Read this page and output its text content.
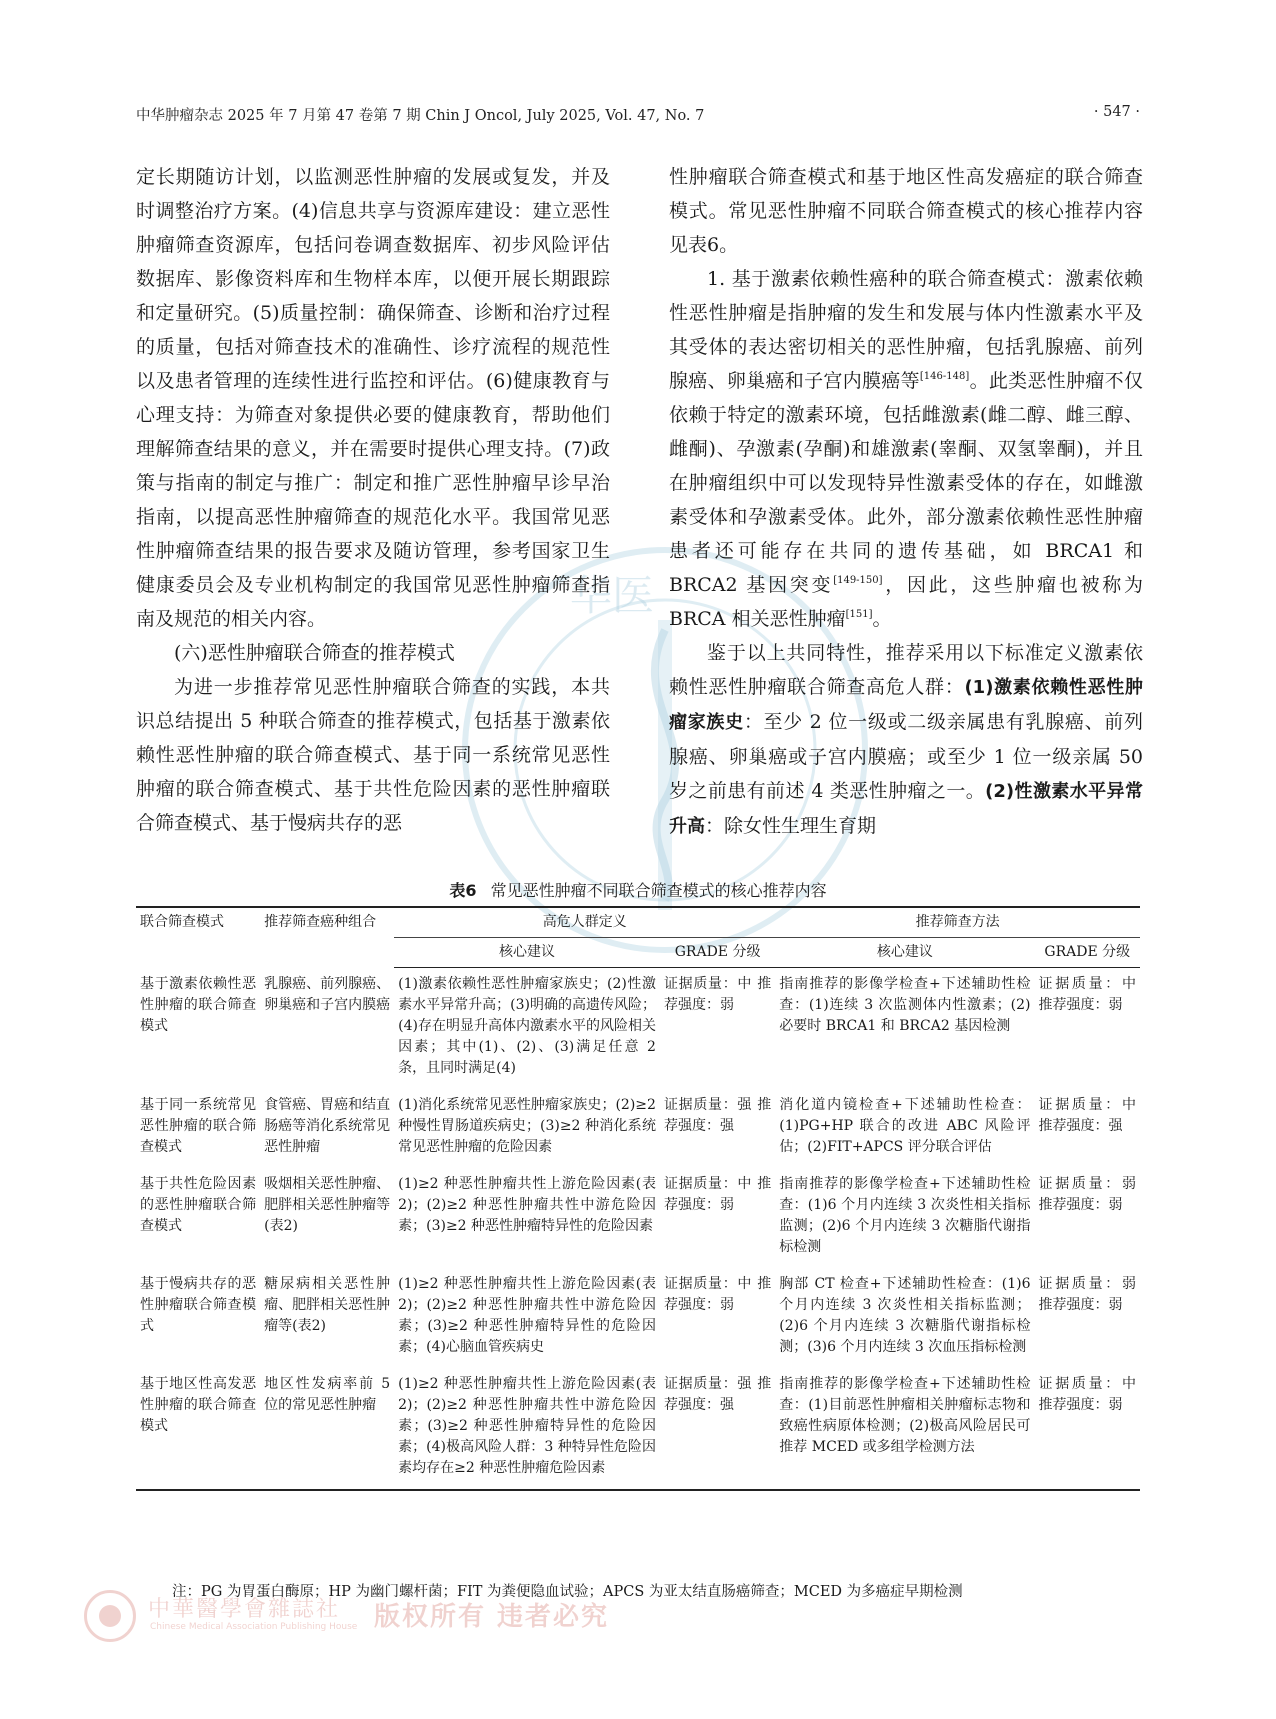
华医
中华肿瘤杂志 2025 年 7 月第 47 卷第 7 期 Chin J Oncol, July 2025, Vol. 47, No. 7	· 547 ·

定长期随访计划，以监测恶性肿瘤的发展或复发，并及时调整治疗方案。(4)信息共享与资源库建设：建立恶性肿瘤筛查资源库，包括问卷调查数据库、初步风险评估数据库、影像资料库和生物样本库，以便开展长期跟踪和定量研究。(5)质量控制：确保筛查、诊断和治疗过程的质量，包括对筛查技术的准确性、诊疗流程的规范性以及患者管理的连续性进行监控和评估。(6)健康教育与心理支持：为筛查对象提供必要的健康教育，帮助他们理解筛查结果的意义，并在需要时提供心理支持。(7)政策与指南的制定与推广：制定和推广恶性肿瘤早诊早治指南，以提高恶性肿瘤筛查的规范化水平。我国常见恶性肿瘤筛查结果的报告要求及随访管理，参考国家卫生健康委员会及专业机构制定的我国常见恶性肿瘤筛查指南及规范的相关内容。

(六)恶性肿瘤联合筛查的推荐模式

为进一步推荐常见恶性肿瘤联合筛查的实践，本共识总结提出 5 种联合筛查的推荐模式，包括基于激素依赖性恶性肿瘤的联合筛查模式、基于同一系统常见恶性肿瘤的联合筛查模式、基于共性危险因素的恶性肿瘤联合筛查模式、基于慢病共存的恶

性肿瘤联合筛查模式和基于地区性高发癌症的联合筛查模式。常见恶性肿瘤不同联合筛查模式的核心推荐内容见表6。

1. 基于激素依赖性癌种的联合筛查模式：激素依赖性恶性肿瘤是指肿瘤的发生和发展与体内性激素水平及其受体的表达密切相关的恶性肿瘤，包括乳腺癌、前列腺癌、卵巢癌和子宫内膜癌等[146-148]。此类恶性肿瘤不仅依赖于特定的激素环境，包括雌激素(雌二醇、雌三醇、雌酮)、孕激素(孕酮)和雄激素(睾酮、双氢睾酮)，并且在肿瘤组织中可以发现特异性激素受体的存在，如雌激素受体和孕激素受体。此外，部分激素依赖性恶性肿瘤患者还可能存在共同的遗传基础，如 BRCA1 和 BRCA2 基因突变[149-150]，因此，这些肿瘤也被称为 BRCA 相关恶性肿瘤[151]。

鉴于以上共同特性，推荐采用以下标准定义激素依赖性恶性肿瘤联合筛查高危人群：(1)激素依赖性恶性肿瘤家族史：至少 2 位一级或二级亲属患有乳腺癌、前列腺癌、卵巢癌或子宫内膜癌；或至少 1 位一级亲属 50 岁之前患有前述 4 类恶性肿瘤之一。(2)性激素水平异常升高：除女性生理生育期

表6 常见恶性肿瘤不同联合筛查模式的核心推荐内容
联合筛查模式	推荐筛查癌种组合	高危人群定义		推荐筛查方法	
		核心建议	GRADE 分级	核心建议	GRADE 分级
基于激素依赖性恶性肿瘤的联合筛查模式	乳腺癌、前列腺癌、卵巢癌和子宫内膜癌	(1)激素依赖性恶性肿瘤家族史；(2)性激素水平异常升高；(3)明确的高遗传风险；(4)存在明显升高体内激素水平的风险相关因素；其中(1)、(2)、(3)满足任意 2 条，且同时满足(4)	证据质量：中 推荐强度：弱	指南推荐的影像学检查+下述辅助性检查：(1)连续 3 次监测体内性激素；(2)必要时 BRCA1 和 BRCA2 基因检测	证据质量：中 推荐强度：弱
基于同一系统常见恶性肿瘤的联合筛查模式	食管癌、胃癌和结直肠癌等消化系统常见恶性肿瘤	(1)消化系统常见恶性肿瘤家族史；(2)≥2 种慢性胃肠道疾病史；(3)≥2 种消化系统常见恶性肿瘤的危险因素	证据质量：强 推荐强度：强	消化道内镜检查+下述辅助性检查：(1)PG+HP 联合的改进 ABC 风险评估；(2)FIT+APCS 评分联合评估	证据质量：中 推荐强度：强
基于共性危险因素的恶性肿瘤联合筛查模式	吸烟相关恶性肿瘤、肥胖相关恶性肿瘤等(表2)	(1)≥2 种恶性肿瘤共性上游危险因素(表2)；(2)≥2 种恶性肿瘤共性中游危险因素；(3)≥2 种恶性肿瘤特异性的危险因素	证据质量：中 推荐强度：弱	指南推荐的影像学检查+下述辅助性检查：(1)6 个月内连续 3 次炎性相关指标监测；(2)6 个月内连续 3 次糖脂代谢指标检测	证据质量：弱 推荐强度：弱
基于慢病共存的恶性肿瘤联合筛查模式	糖尿病相关恶性肿瘤、肥胖相关恶性肿瘤等(表2)	(1)≥2 种恶性肿瘤共性上游危险因素(表2)；(2)≥2 种恶性肿瘤共性中游危险因素；(3)≥2 种恶性肿瘤特异性的危险因素；(4)心脑血管疾病史	证据质量：中 推荐强度：弱	胸部 CT 检查+下述辅助性检查：(1)6 个月内连续 3 次炎性相关指标监测；(2)6 个月内连续 3 次糖脂代谢指标检测；(3)6 个月内连续 3 次血压指标检测	证据质量：弱 推荐强度：弱
基于地区性高发恶性肿瘤的联合筛查模式	地区性发病率前 5 位的常见恶性肿瘤	(1)≥2 种恶性肿瘤共性上游危险因素(表2)；(2)≥2 种恶性肿瘤共性中游危险因素；(3)≥2 种恶性肿瘤特异性的危险因素；(4)极高风险人群：3 种特异性危险因素均存在≥2 种恶性肿瘤危险因素	证据质量：强 推荐强度：强	指南推荐的影像学检查+下述辅助性检查：(1)目前恶性肿瘤相关肿瘤标志物和致癌性病原体检测；(2)极高风险居民可推荐 MCED 或多组学检测方法	证据质量：中 推荐强度：弱
注：PG 为胃蛋白酶原；HP 为幽门螺杆菌；FIT 为粪便隐血试验；APCS 为亚太结直肠癌筛查；MCED 为多癌症早期检测
中華醫學會雜誌社
Chinese Medical Association Publishing House 版权所有 违者必究
